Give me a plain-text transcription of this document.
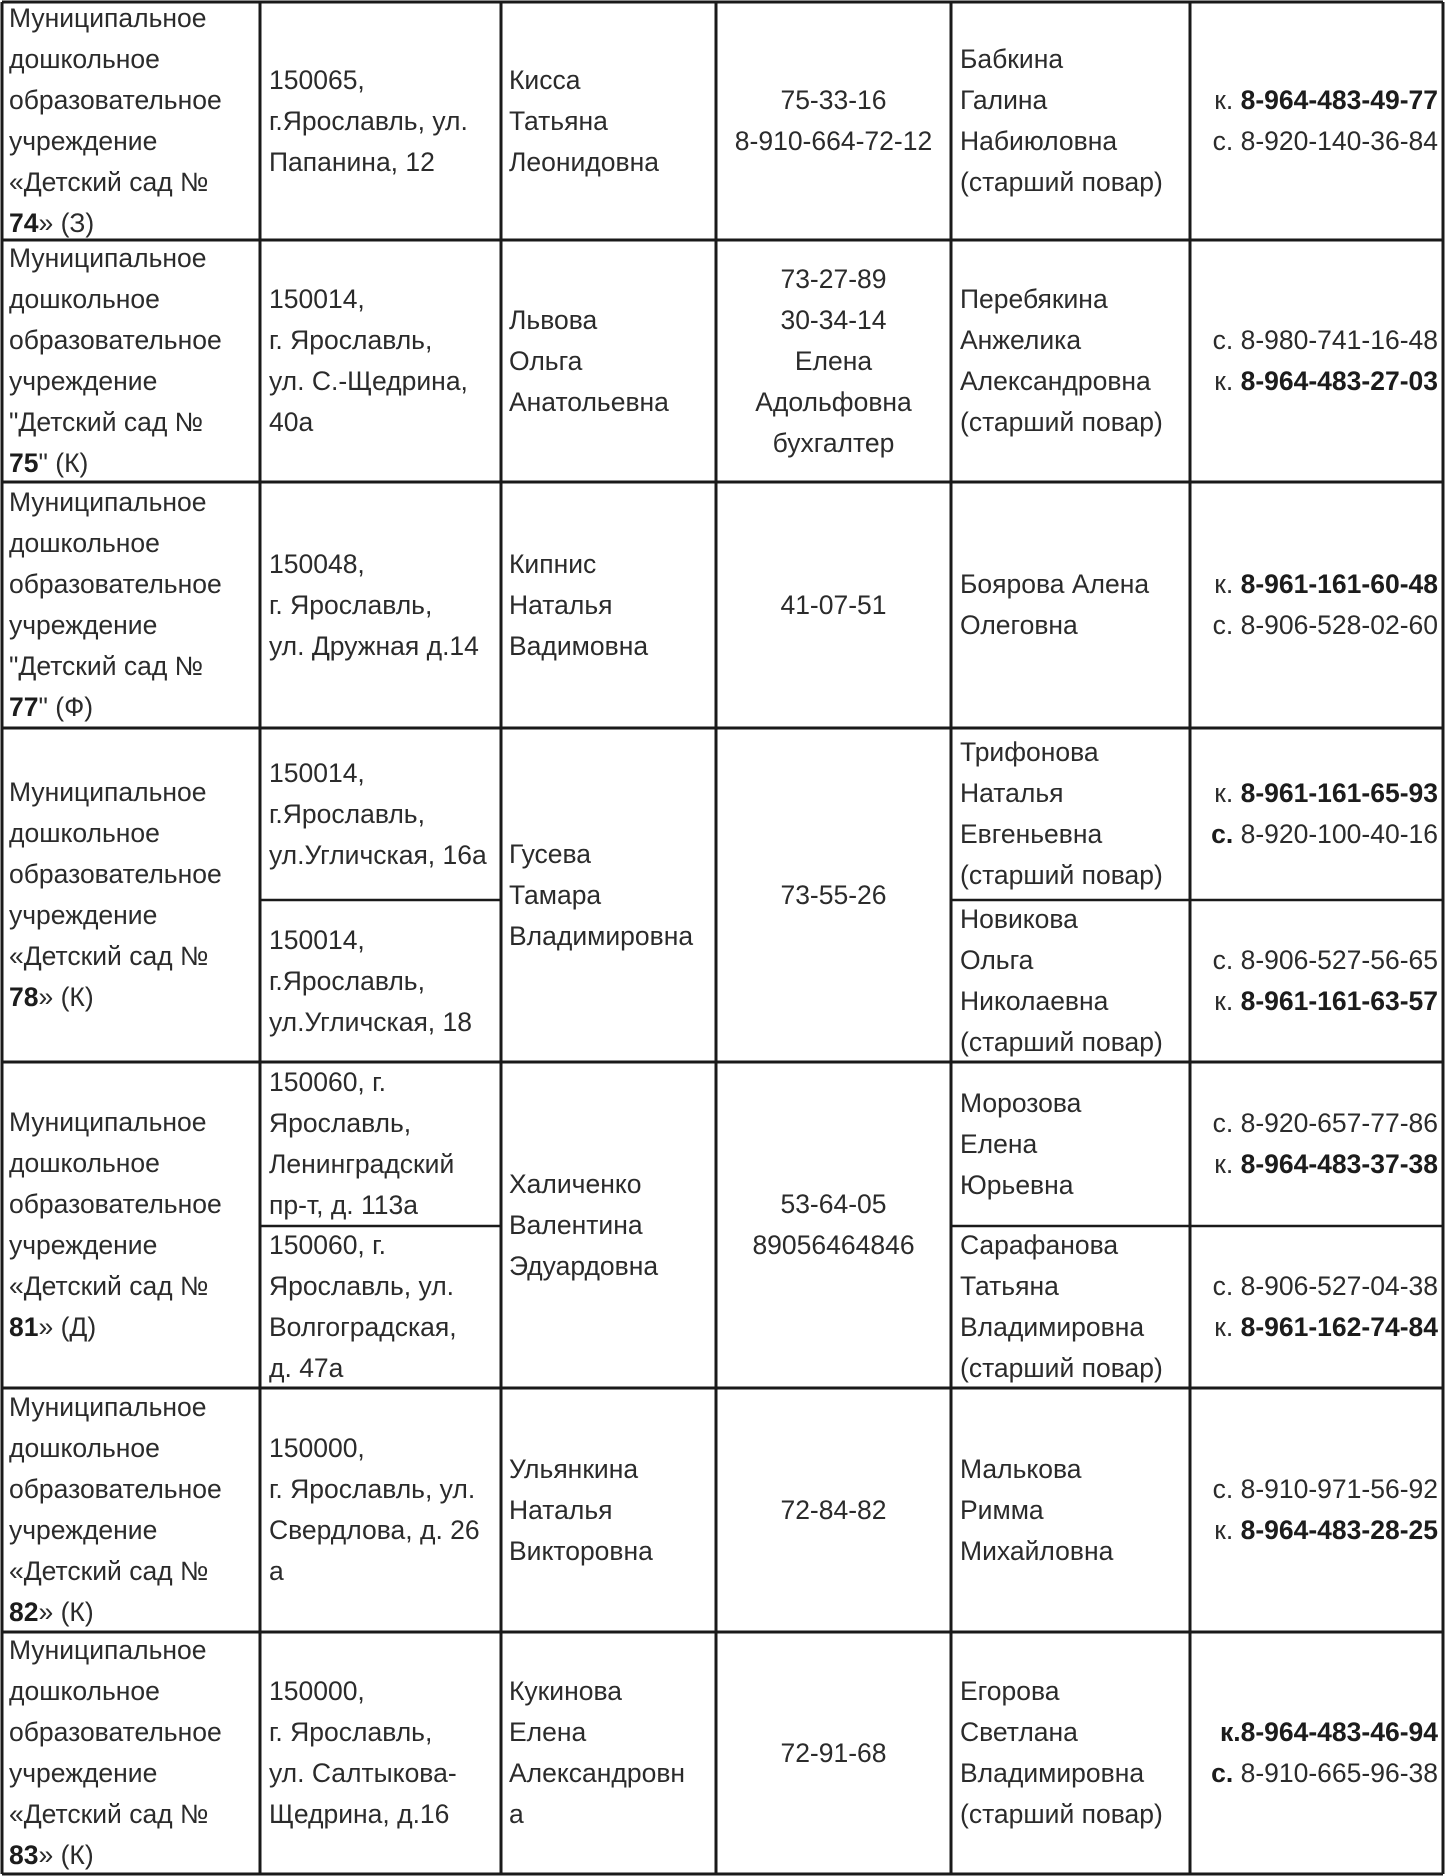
Муниципальное
дошкольное
образовательное
учреждение
«Детский сад №
74» (З)
150065,
г.Ярославль, ул.
Папанина, 12
Кисса
Татьяна
Леонидовна
75-33-16
8-910-664-72-12
Бабкина
Галина
Набиюловна
(старший повар)
к. 8-964-483-49-77
с. 8-920-140-36-84
Муниципальное
дошкольное
образовательное
учреждение
"Детский сад №
75" (К)
150014,
г. Ярославль,
ул. С.-Щедрина,
40а
Львова
Ольга
Анатольевна
73-27-89
30-34-14
Елена
Адольфовна
бухгалтер
Перебякина
Анжелика
Александровна
(старший повар)
с. 8-980-741-16-48
к. 8-964-483-27-03
Муниципальное
дошкольное
образовательное
учреждение
"Детский сад №
77" (Ф)
150048,
г. Ярославль,
ул. Дружная д.14
Кипнис
Наталья
Вадимовна
41-07-51
Боярова Алена
Олеговна
к. 8-961-161-60-48
с. 8-906-528-02-60
Муниципальное
дошкольное
образовательное
учреждение
«Детский сад №
78» (К)
150014,
г.Ярославль,
ул.Угличская, 16а
150014,
г.Ярославль,
ул.Угличская, 18
Гусева
Тамара
Владимировна
73-55-26
Трифонова
Наталья
Евгеньевна
(старший повар)
к. 8-961-161-65-93
с. 8-920-100-40-16
Новикова
Ольга
Николаевна
(старший повар)
с. 8-906-527-56-65
к. 8-961-161-63-57
Муниципальное
дошкольное
образовательное
учреждение
«Детский сад №
81» (Д)
150060, г.
Ярославль,
Ленинградский
пр-т, д. 113а
150060, г.
Ярославль, ул.
Волгоградская,
д. 47а
Халиченко
Валентина
Эдуардовна
53-64-05
89056464846
Морозова
Елена
Юрьевна
с. 8-920-657-77-86
к. 8-964-483-37-38
Сарафанова
Татьяна
Владимировна
(старший повар)
с. 8-906-527-04-38
к. 8-961-162-74-84
Муниципальное
дошкольное
образовательное
учреждение
«Детский сад №
82» (К)
150000,
г. Ярославль, ул.
Свердлова, д. 26
а
Ульянкина
Наталья
Викторовна
72-84-82
Малькова
Римма
Михайловна
с. 8-910-971-56-92
к. 8-964-483-28-25
Муниципальное
дошкольное
образовательное
учреждение
«Детский сад №
83» (К)
150000,
г. Ярославль,
ул. Салтыкова-
Щедрина, д.16
Кукинова
Елена
Александровн
а
72-91-68
Егорова
Светлана
Владимировна
(старший повар)
к.8-964-483-46-94
с. 8-910-665-96-38
